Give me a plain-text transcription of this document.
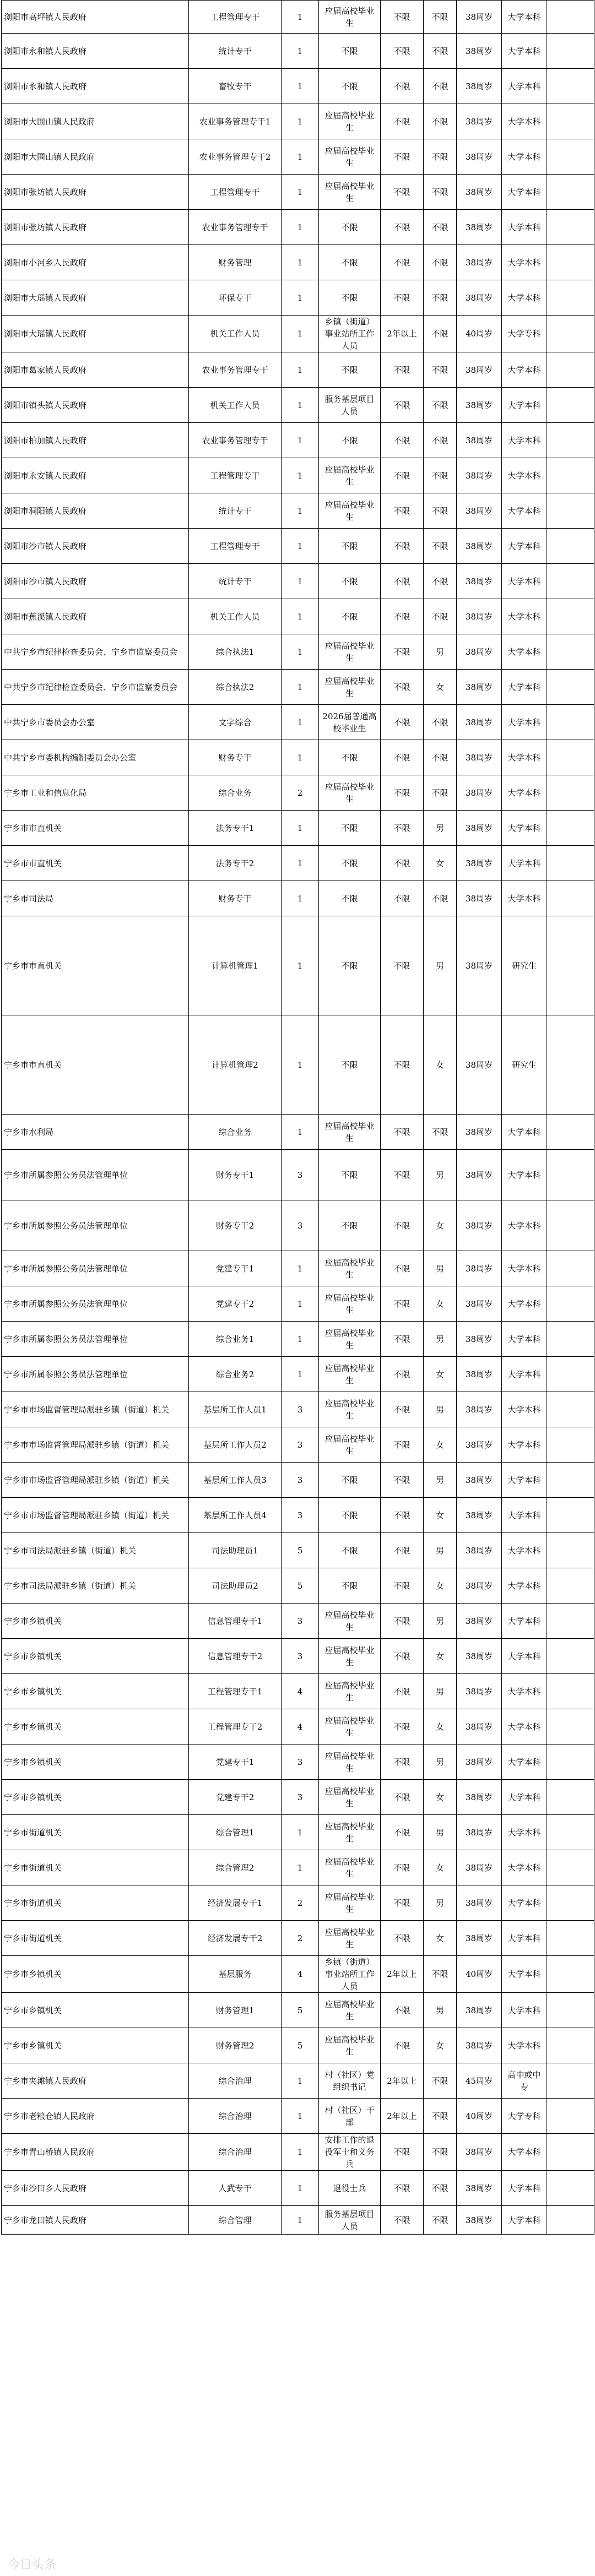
浏阳市高坪镇人民政府	工程管理专干	1	应届高校毕业生	不限	不限	38周岁	大学本科	
浏阳市永和镇人民政府	统计专干	1	不限	不限	不限	38周岁	大学本科	
浏阳市永和镇人民政府	畜牧专干	1	不限	不限	不限	38周岁	大学本科	
浏阳市大围山镇人民政府	农业事务管理专干1	1	应届高校毕业生	不限	不限	38周岁	大学本科	
浏阳市大围山镇人民政府	农业事务管理专干2	1	应届高校毕业生	不限	不限	38周岁	大学本科	
浏阳市张坊镇人民政府	工程管理专干	1	应届高校毕业生	不限	不限	38周岁	大学本科	
浏阳市张坊镇人民政府	农业事务管理专干	1	不限	不限	不限	38周岁	大学本科	
浏阳市小河乡人民政府	财务管理	1	不限	不限	不限	38周岁	大学本科	
浏阳市大瑶镇人民政府	环保专干	1	不限	不限	不限	38周岁	大学本科	
浏阳市大瑶镇人民政府	机关工作人员	1	乡镇（街道）事业站所工作人员	2年以上	不限	40周岁	大学专科	
浏阳市葛家镇人民政府	农业事务管理专干	1	不限	不限	不限	38周岁	大学本科	
浏阳市镇头镇人民政府	机关工作人员	1	服务基层项目人员	不限	不限	38周岁	大学本科	
浏阳市柏加镇人民政府	农业事务管理专干	1	不限	不限	不限	38周岁	大学本科	
浏阳市永安镇人民政府	工程管理专干	1	应届高校毕业生	不限	不限	38周岁	大学本科	
浏阳市洞阳镇人民政府	统计专干	1	应届高校毕业生	不限	不限	38周岁	大学本科	
浏阳市沙市镇人民政府	工程管理专干	1	不限	不限	不限	38周岁	大学本科	
浏阳市沙市镇人民政府	统计专干	1	不限	不限	不限	38周岁	大学本科	
浏阳市蕉溪镇人民政府	机关工作人员	1	不限	不限	不限	38周岁	大学本科	
中共宁乡市纪律检查委员会、宁乡市监察委员会	综合执法1	1	应届高校毕业生	不限	男	38周岁	大学本科	
中共宁乡市纪律检查委员会、宁乡市监察委员会	综合执法2	1	应届高校毕业生	不限	女	38周岁	大学本科	
中共宁乡市委员会办公室	文字综合	1	2026届普通高校毕业生	不限	不限	38周岁	大学本科	
中共宁乡市委机构编制委员会办公室	财务专干	1	不限	不限	不限	38周岁	大学本科	
宁乡市工业和信息化局	综合业务	2	应届高校毕业生	不限	不限	38周岁	大学本科	
宁乡市市直机关	法务专干1	1	不限	不限	男	38周岁	大学本科	
宁乡市市直机关	法务专干2	1	不限	不限	女	38周岁	大学本科	
宁乡市司法局	财务专干	1	不限	不限	不限	38周岁	大学本科	
宁乡市市直机关	计算机管理1	1	不限	不限	男	38周岁	研究生	
宁乡市市直机关	计算机管理2	1	不限	不限	女	38周岁	研究生	
宁乡市水利局	综合业务	1	应届高校毕业生	不限	不限	38周岁	大学本科	
宁乡市所属参照公务员法管理单位	财务专干1	3	不限	不限	男	38周岁	大学本科	
宁乡市所属参照公务员法管理单位	财务专干2	3	不限	不限	女	38周岁	大学本科	
宁乡市所属参照公务员法管理单位	党建专干1	1	应届高校毕业生	不限	男	38周岁	大学本科	
宁乡市所属参照公务员法管理单位	党建专干2	1	应届高校毕业生	不限	女	38周岁	大学本科	
宁乡市所属参照公务员法管理单位	综合业务1	1	应届高校毕业生	不限	男	38周岁	大学本科	
宁乡市所属参照公务员法管理单位	综合业务2	1	应届高校毕业生	不限	女	38周岁	大学本科	
宁乡市市场监督管理局派驻乡镇（街道）机关	基层所工作人员1	3	应届高校毕业生	不限	男	38周岁	大学本科	
宁乡市市场监督管理局派驻乡镇（街道）机关	基层所工作人员2	3	应届高校毕业生	不限	女	38周岁	大学本科	
宁乡市市场监督管理局派驻乡镇（街道）机关	基层所工作人员3	3	不限	不限	男	38周岁	大学本科	
宁乡市市场监督管理局派驻乡镇（街道）机关	基层所工作人员4	3	不限	不限	女	38周岁	大学本科	
宁乡市司法局派驻乡镇（街道）机关	司法助理员1	5	不限	不限	男	38周岁	大学本科	
宁乡市司法局派驻乡镇（街道）机关	司法助理员2	5	不限	不限	女	38周岁	大学本科	
宁乡市乡镇机关	信息管理专干1	3	应届高校毕业生	不限	男	38周岁	大学本科	
宁乡市乡镇机关	信息管理专干2	3	应届高校毕业生	不限	女	38周岁	大学本科	
宁乡市乡镇机关	工程管理专干1	4	应届高校毕业生	不限	男	38周岁	大学本科	
宁乡市乡镇机关	工程管理专干2	4	应届高校毕业生	不限	女	38周岁	大学本科	
宁乡市乡镇机关	党建专干1	3	应届高校毕业生	不限	男	38周岁	大学本科	
宁乡市乡镇机关	党建专干2	3	应届高校毕业生	不限	女	38周岁	大学本科	
宁乡市街道机关	综合管理1	1	应届高校毕业生	不限	男	38周岁	大学本科	
宁乡市街道机关	综合管理2	1	应届高校毕业生	不限	女	38周岁	大学本科	
宁乡市街道机关	经济发展专干1	2	应届高校毕业生	不限	男	38周岁	大学本科	
宁乡市街道机关	经济发展专干2	2	应届高校毕业生	不限	女	38周岁	大学本科	
宁乡市乡镇机关	基层服务	4	乡镇（街道）事业站所工作人员	2年以上	不限	40周岁	大学本科	
宁乡市乡镇机关	财务管理1	5	应届高校毕业生	不限	男	38周岁	大学本科	
宁乡市乡镇机关	财务管理2	5	应届高校毕业生	不限	女	38周岁	大学本科	
宁乡市夹滩镇人民政府	综合治理	1	村（社区）党组织书记	2年以上	不限	45周岁	高中或中专	
宁乡市老粮仓镇人民政府	综合治理	1	村（社区）干部	2年以上	不限	40周岁	大学专科	
宁乡市青山桥镇人民政府	综合治理	1	安排工作的退役军士和义务兵	不限	不限	38周岁	大学本科	
宁乡市沙田乡人民政府	人武专干	1	退役士兵	不限	不限	38周岁	大学本科	
宁乡市龙田镇人民政府	综合管理	1	服务基层项目人员	不限	不限	38周岁	大学本科	
今日头条
